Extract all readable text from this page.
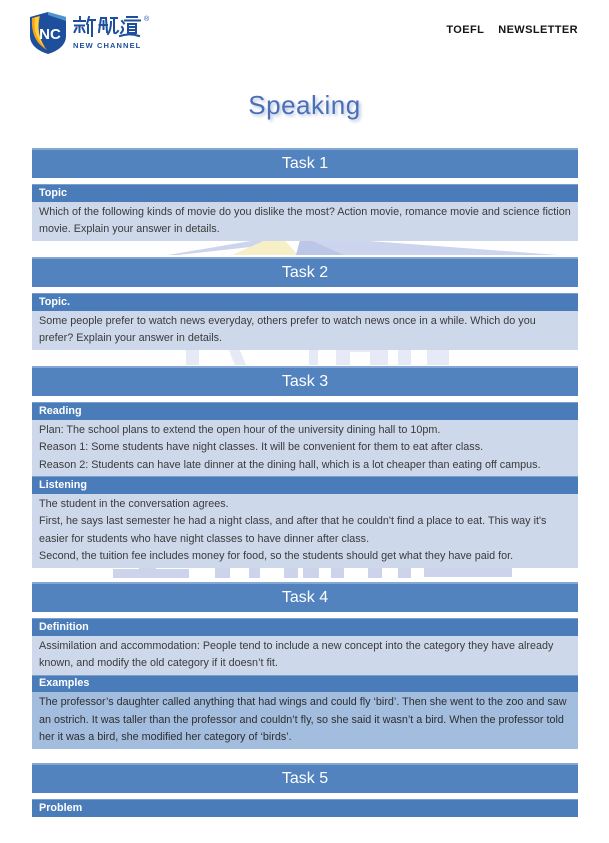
NC
®
NEW CHANNEL
TOEFL NEWSLETTER
Speaking
Task 1
Topic

Which of the following kinds of movie do you dislike the most? Action movie, romance movie and science fiction movie. Explain your answer in details.

Task 2
Topic.

Some people prefer to watch news everyday, others prefer to watch news once in a while. Which do you prefer? Explain your answer in details.

Task 3
Reading

Plan: The school plans to extend the open hour of the university dining hall to 10pm.

Reason 1: Some students have night classes. It will be convenient for them to eat after class.

Reason 2: Students can have late dinner at the dining hall, which is a lot cheaper than eating off campus.

Listening

The student in the conversation agrees.

First, he says last semester he had a night class, and after that he couldn't find a place to eat. This way it's easier for students who have night classes to have dinner after class.

Second, the tuition fee includes money for food, so the students should get what they have paid for.

Task 4
Definition

Assimilation and accommodation: People tend to include a new concept into the category they have already known, and modify the old category if it doesn’t fit.

Examples

The professor’s daughter called anything that had wings and could fly ‘bird’. Then she went to the zoo and saw an ostrich. It was taller than the professor and couldn’t fly, so she said it wasn’t a bird. When the professor told her it was a bird, she modified her category of ‘birds’.

Task 5
Problem
